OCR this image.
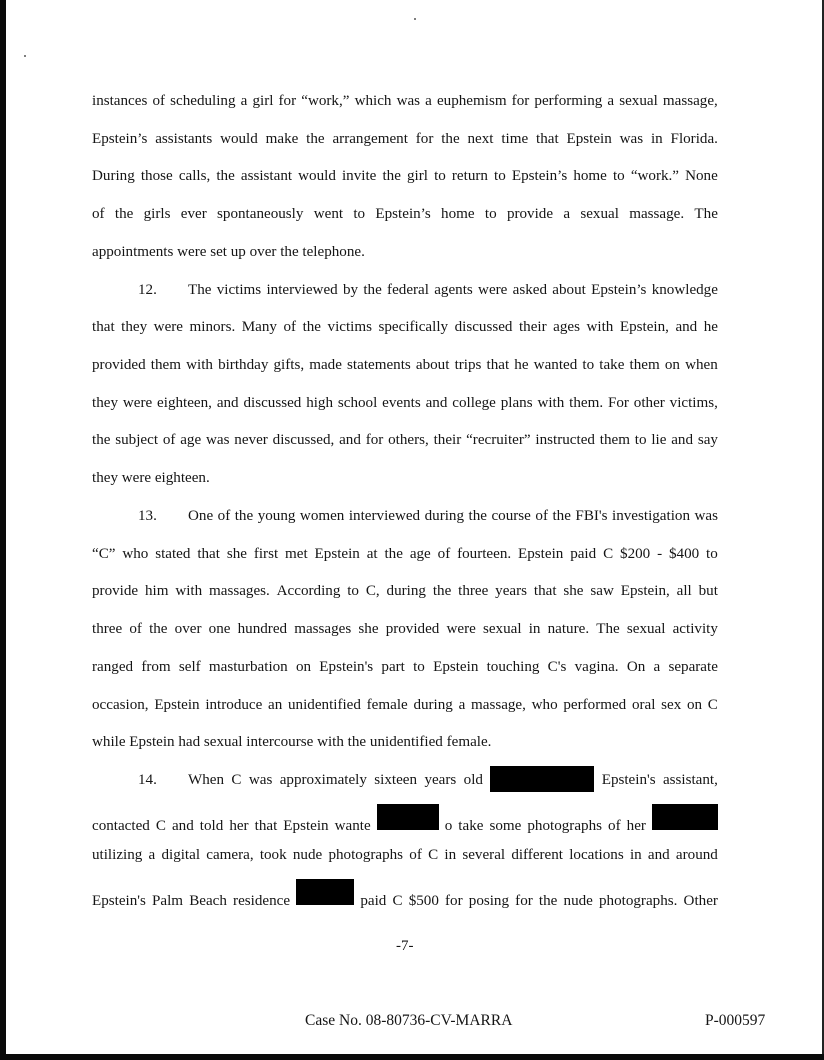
instances of scheduling a girl for “work,” which was a euphemism for performing a sexual massage,
Epstein’s assistants would make the arrangement for the next time that Epstein was in Florida.
During those calls, the assistant would invite the girl to return to Epstein’s home to “work.” None
of the girls ever spontaneously went to Epstein’s home to provide a sexual massage. The
appointments were set up over the telephone.
12.	The victims interviewed by the federal agents were asked about Epstein’s knowledge
that they were minors. Many of the victims specifically discussed their ages with Epstein, and he
provided them with birthday gifts, made statements about trips that he wanted to take them on when
they were eighteen, and discussed high school events and college plans with them. For other victims,
the subject of age was never discussed, and for others, their “recruiter” instructed them to lie and say
they were eighteen.
13.	One of the young women interviewed during the course of the FBI's investigation was
“C” who stated that she first met Epstein at the age of fourteen. Epstein paid C $200 - $400 to
provide him with massages. According to C, during the three years that she saw Epstein, all but
three of the over one hundred massages she provided were sexual in nature. The sexual activity
ranged from self masturbation on Epstein's part to Epstein touching C's vagina. On a separate
occasion, Epstein introduce an unidentified female during a massage, who performed oral sex on C
while Epstein had sexual intercourse with the unidentified female.
14.	When C was approximately sixteen years old	Epstein's assistant,
contacted C and told her that Epstein wante	o take some photographs of her
utilizing a digital camera, took nude photographs of C in several different locations in and around
Epstein's Palm Beach residence	paid C $500 for posing for the nude photographs. Other
-7-
Case No. 08-80736-CV-MARRA	P-000597
